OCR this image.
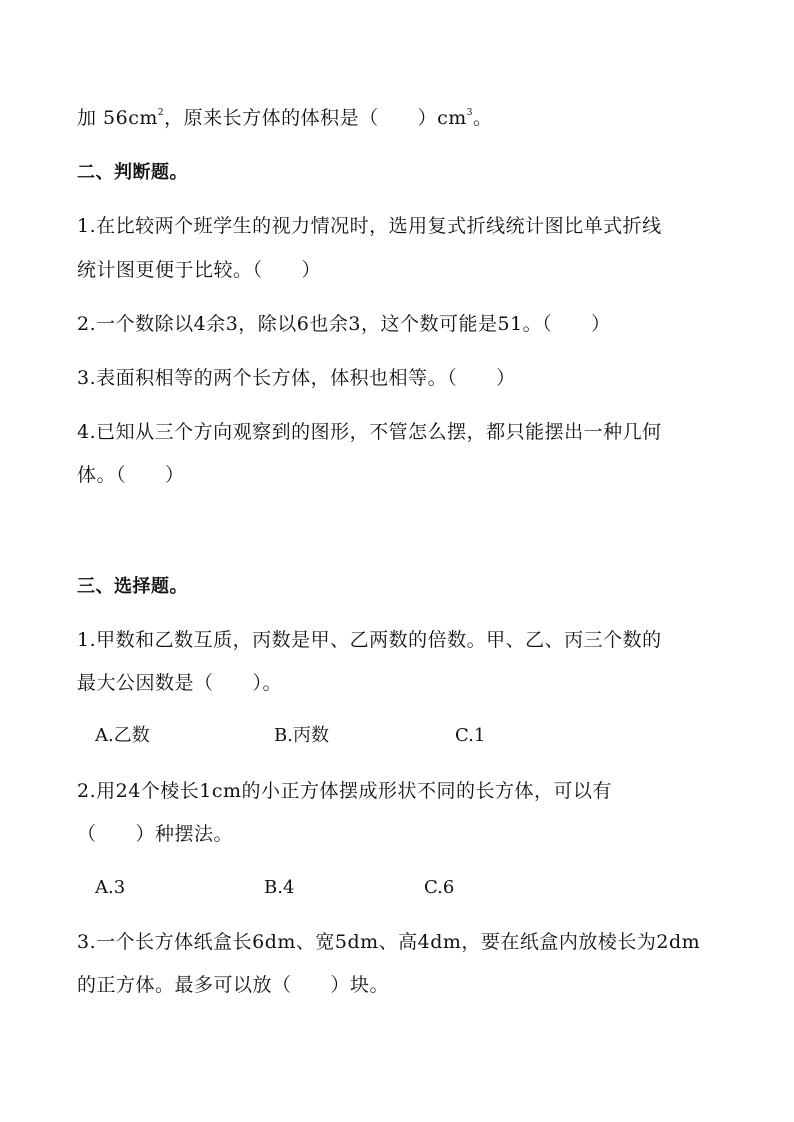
加 $56cm^2$，原来长方体的体积是（　　）$cm^3$。
二、判断题。
1.在比较两个班学生的视力情况时，选用复式折线统计图比单式折线
统计图更便于比较。（　　）
2.一个数除以4余3，除以6也余3，这个数可能是51。（　　）
3.表面积相等的两个长方体，体积也相等。（　　）
4.已知从三个方向观察到的图形，不管怎么摆，都只能摆出一种几何
体。（　　）
三、选择题。
1.甲数和乙数互质，丙数是甲、乙两数的倍数。甲、乙、丙三个数的
最大公因数是（　　）。
A.乙数	B.丙数	C.1
2.用24个棱长1cm的小正方体摆成形状不同的长方体，可以有
（　　）种摆法。
A.3	B.4	C.6
3.一个长方体纸盒长6dm、宽5dm、高4dm，要在纸盒内放棱长为2dm
的正方体。最多可以放（　　）块。
